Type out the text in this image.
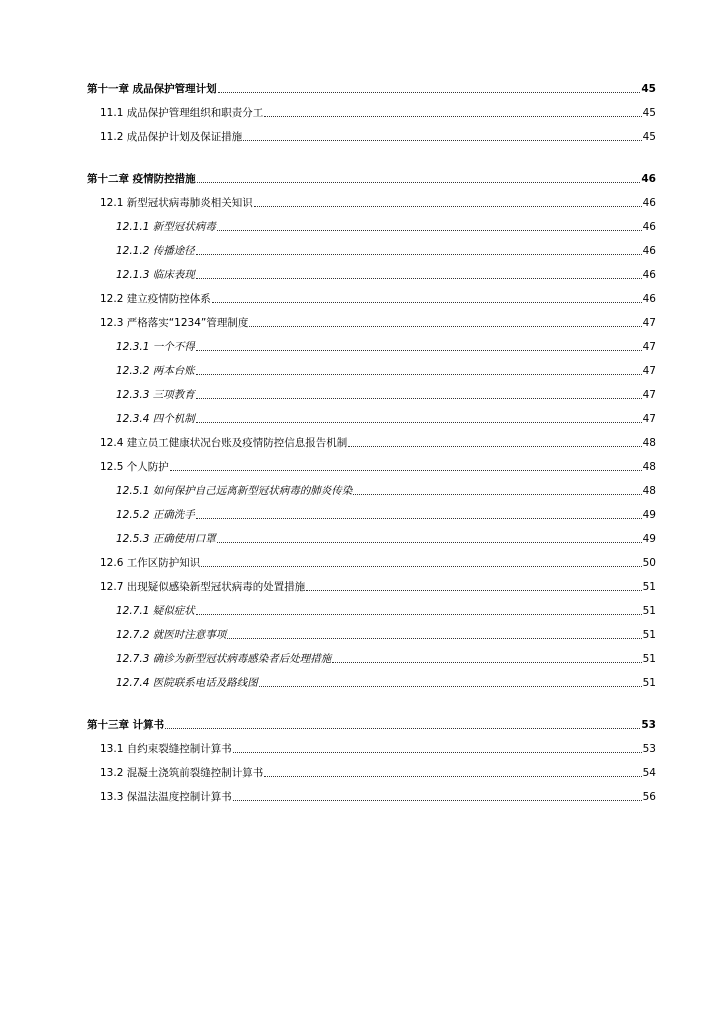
第十一章 成品保护管理计划	45
11.1 成品保护管理组织和职责分工	45
11.2 成品保护计划及保证措施	45
第十二章 疫情防控措施	46
12.1 新型冠状病毒肺炎相关知识	46
12.1.1 新型冠状病毒	46
12.1.2 传播途径	46
12.1.3 临床表现	46
12.2 建立疫情防控体系	46
12.3 严格落实“1234”管理制度	47
12.3.1 一个不得	47
12.3.2 两本台账	47
12.3.3 三项教育	47
12.3.4 四个机制	47
12.4 建立员工健康状况台账及疫情防控信息报告机制	48
12.5 个人防护	48
12.5.1 如何保护自己远离新型冠状病毒的肺炎传染	48
12.5.2 正确洗手	49
12.5.3 正确使用口罩	49
12.6 工作区防护知识	50
12.7 出现疑似感染新型冠状病毒的处置措施	51
12.7.1 疑似症状	51
12.7.2 就医时注意事项	51
12.7.3 确诊为新型冠状病毒感染者后处理措施	51
12.7.4 医院联系电话及路线图	51
第十三章 计算书	53
13.1 自约束裂缝控制计算书	53
13.2 混凝土浇筑前裂缝控制计算书	54
13.3 保温法温度控制计算书	56
